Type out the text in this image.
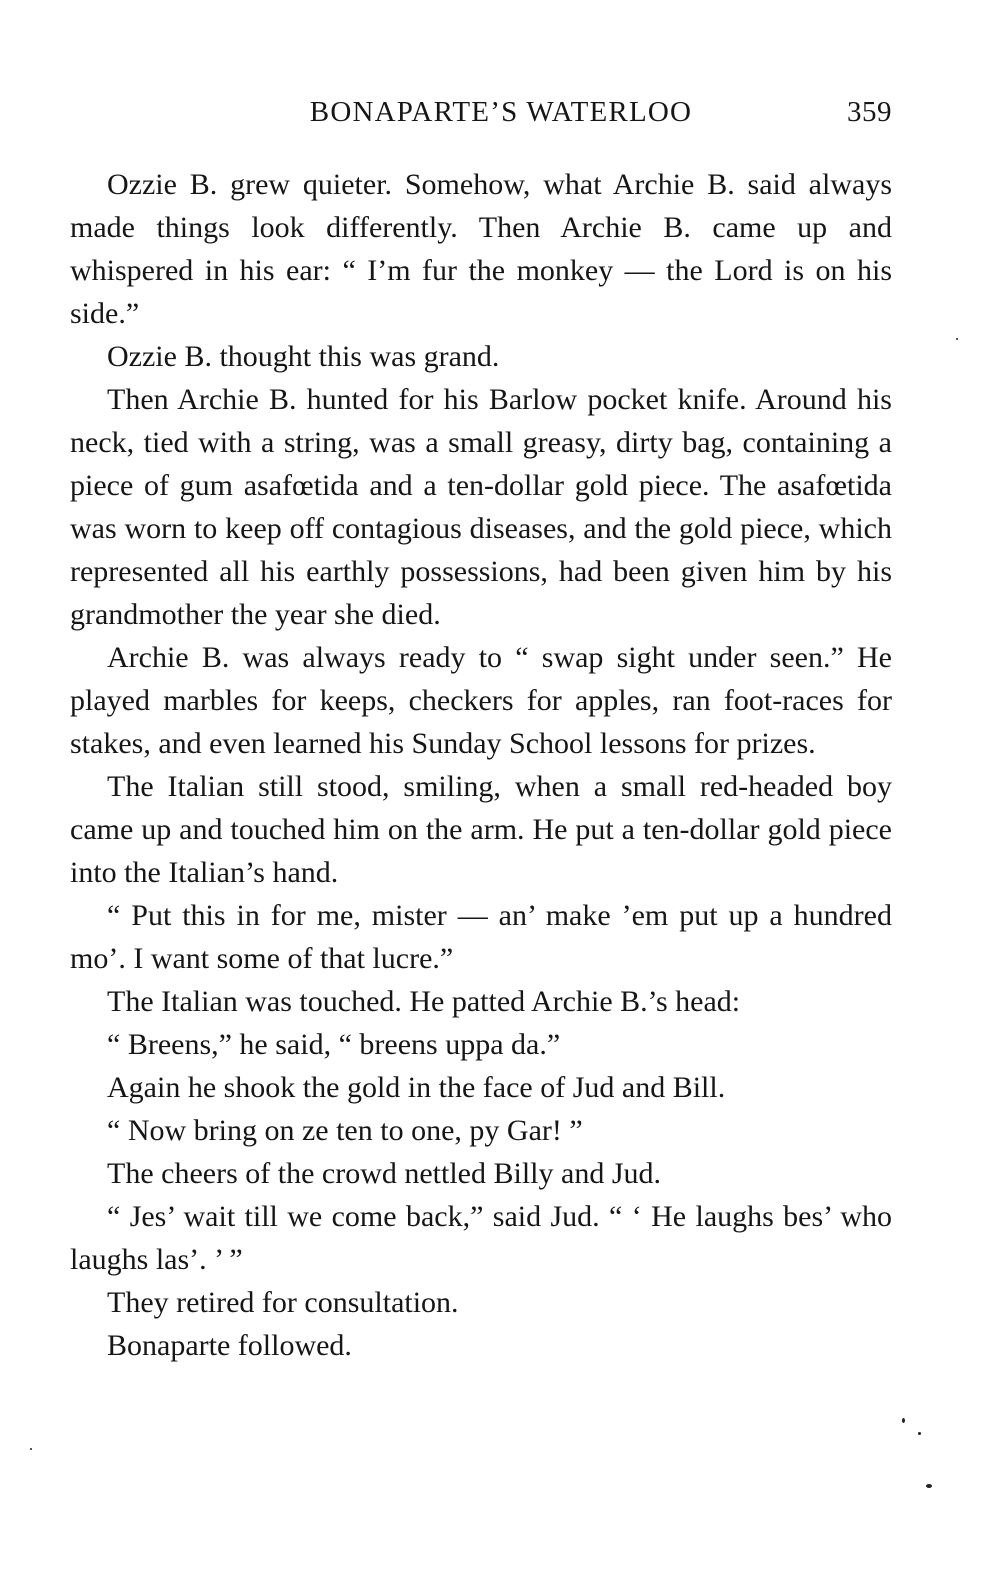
BONAPARTE’S WATERLOO	359

Ozzie B. grew quieter. Somehow, what Archie B. said always made things look differently. Then Archie B. came up and whispered in his ear: “ I’m fur the monkey — the Lord is on his side.”

Ozzie B. thought this was grand.

Then Archie B. hunted for his Barlow pocket knife. Around his neck, tied with a string, was a small greasy, dirty bag, containing a piece of gum asafœtida and a ten-dollar gold piece. The asafœtida was worn to keep off contagious diseases, and the gold piece, which represented all his earthly possessions, had been given him by his grandmother the year she died.

Archie B. was always ready to “ swap sight under seen.” He played marbles for keeps, checkers for apples, ran foot-races for stakes, and even learned his Sunday School lessons for prizes.

The Italian still stood, smiling, when a small red-headed boy came up and touched him on the arm. He put a ten-dollar gold piece into the Italian’s hand.

“ Put this in for me, mister — an’ make ’em put up a hundred mo’. I want some of that lucre.”

The Italian was touched. He patted Archie B.’s head:

“ Breens,” he said, “ breens uppa da.”

Again he shook the gold in the face of Jud and Bill.

“ Now bring on ze ten to one, py Gar! ”

The cheers of the crowd nettled Billy and Jud.

“ Jes’ wait till we come back,” said Jud. “ ‘ He laughs bes’ who laughs las’. ’ ”

They retired for consultation.

Bonaparte followed.
